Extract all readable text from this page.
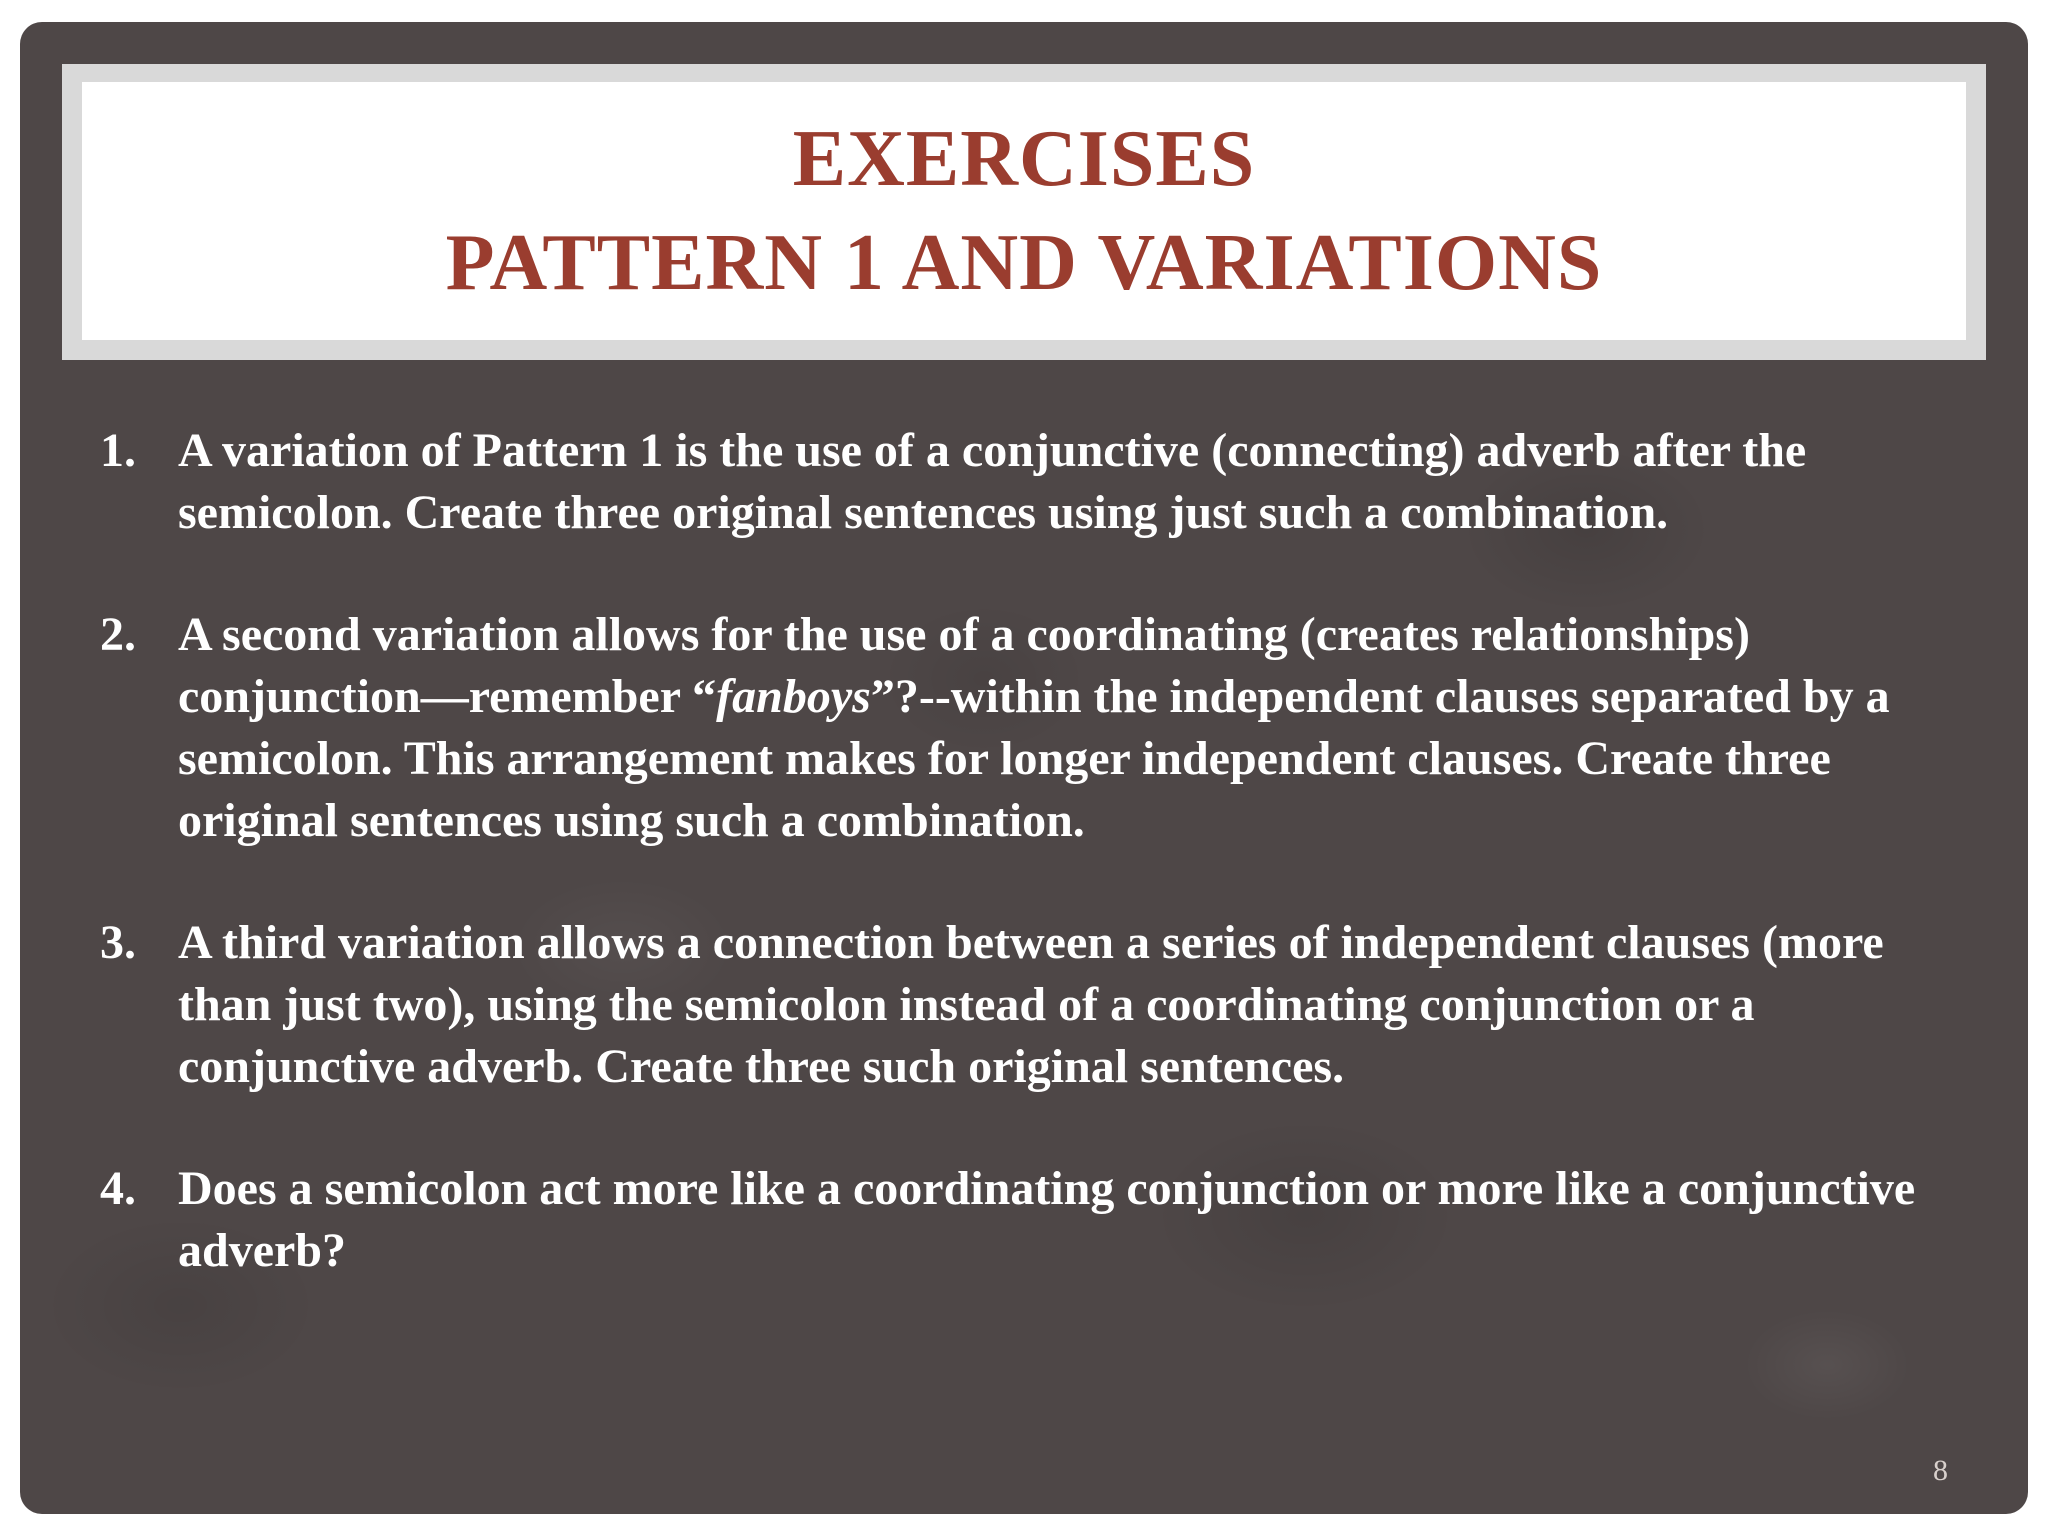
EXERCISES
PATTERN 1 AND VARIATIONS
1. A variation of Pattern 1 is the use of a conjunctive (connecting) adverb after the semicolon. Create three original sentences using just such a combination.
2. A second variation allows for the use of a coordinating (creates relationships) conjunction—remember “fanboys”?--within the independent clauses separated by a semicolon. This arrangement makes for longer independent clauses. Create three original sentences using such a combination.
3. A third variation allows a connection between a series of independent clauses (more than just two), using the semicolon instead of a coordinating conjunction or a conjunctive adverb. Create three such original sentences.
4. Does a semicolon act more like a coordinating conjunction or more like a conjunctive adverb?
8
